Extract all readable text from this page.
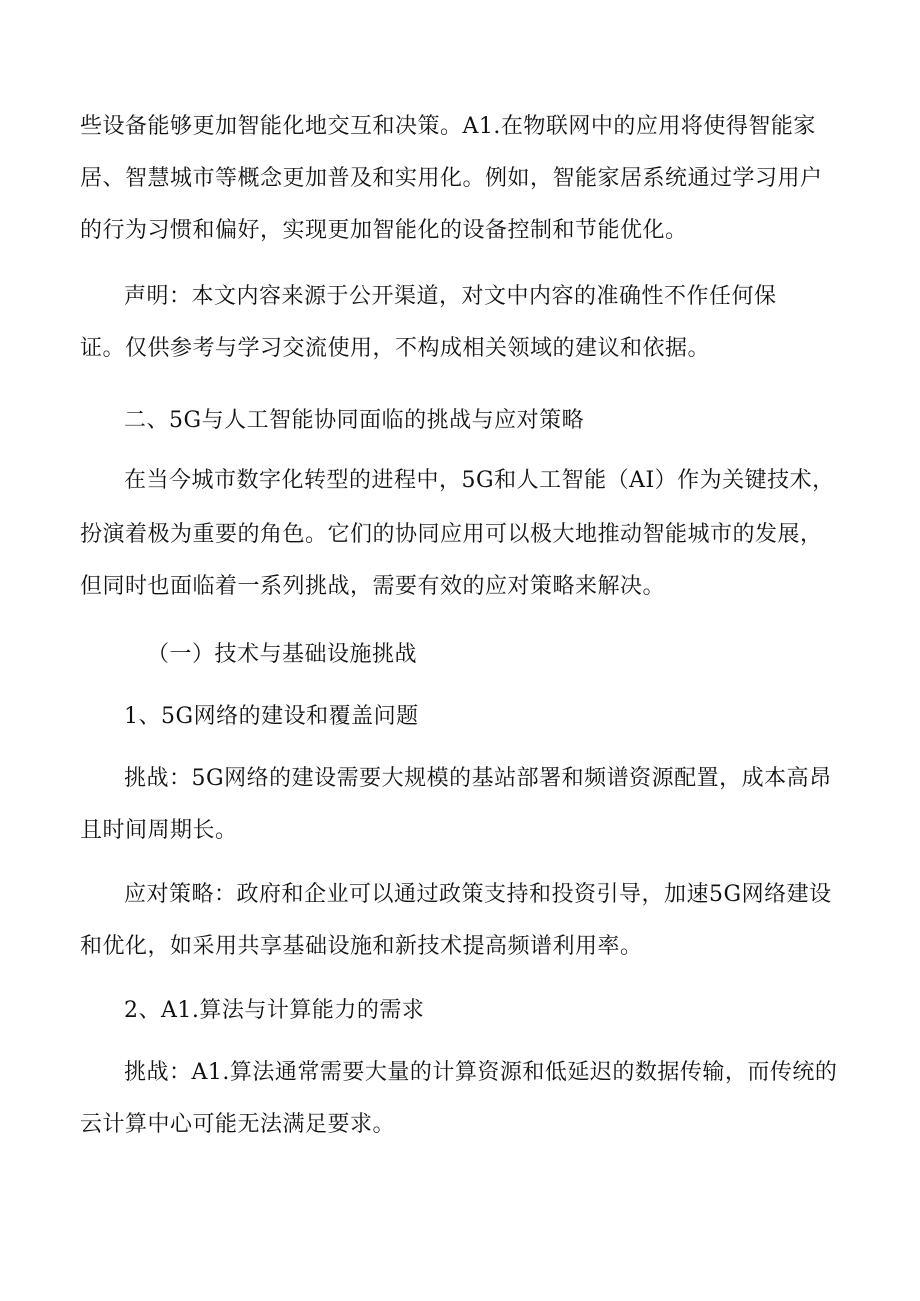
些设备能够更加智能化地交互和决策。A1.在物联网中的应用将使得智能家
居、智慧城市等概念更加普及和实用化。例如，智能家居系统通过学习用户
的行为习惯和偏好，实现更加智能化的设备控制和节能优化。
声明：本文内容来源于公开渠道，对文中内容的准确性不作任何保
证。仅供参考与学习交流使用，不构成相关领域的建议和依据。
二、5G与人工智能协同面临的挑战与应对策略
在当今城市数字化转型的进程中，5G和人工智能（AI）作为关键技术，
扮演着极为重要的角色。它们的协同应用可以极大地推动智能城市的发展，
但同时也面临着一系列挑战，需要有效的应对策略来解决。
（一）技术与基础设施挑战
1、5G网络的建设和覆盖问题
挑战：5G网络的建设需要大规模的基站部署和频谱资源配置，成本高昂
且时间周期长。
应对策略：政府和企业可以通过政策支持和投资引导，加速5G网络建设
和优化，如采用共享基础设施和新技术提高频谱利用率。
2、A1.算法与计算能力的需求
挑战：A1.算法通常需要大量的计算资源和低延迟的数据传输，而传统的
云计算中心可能无法满足要求。
